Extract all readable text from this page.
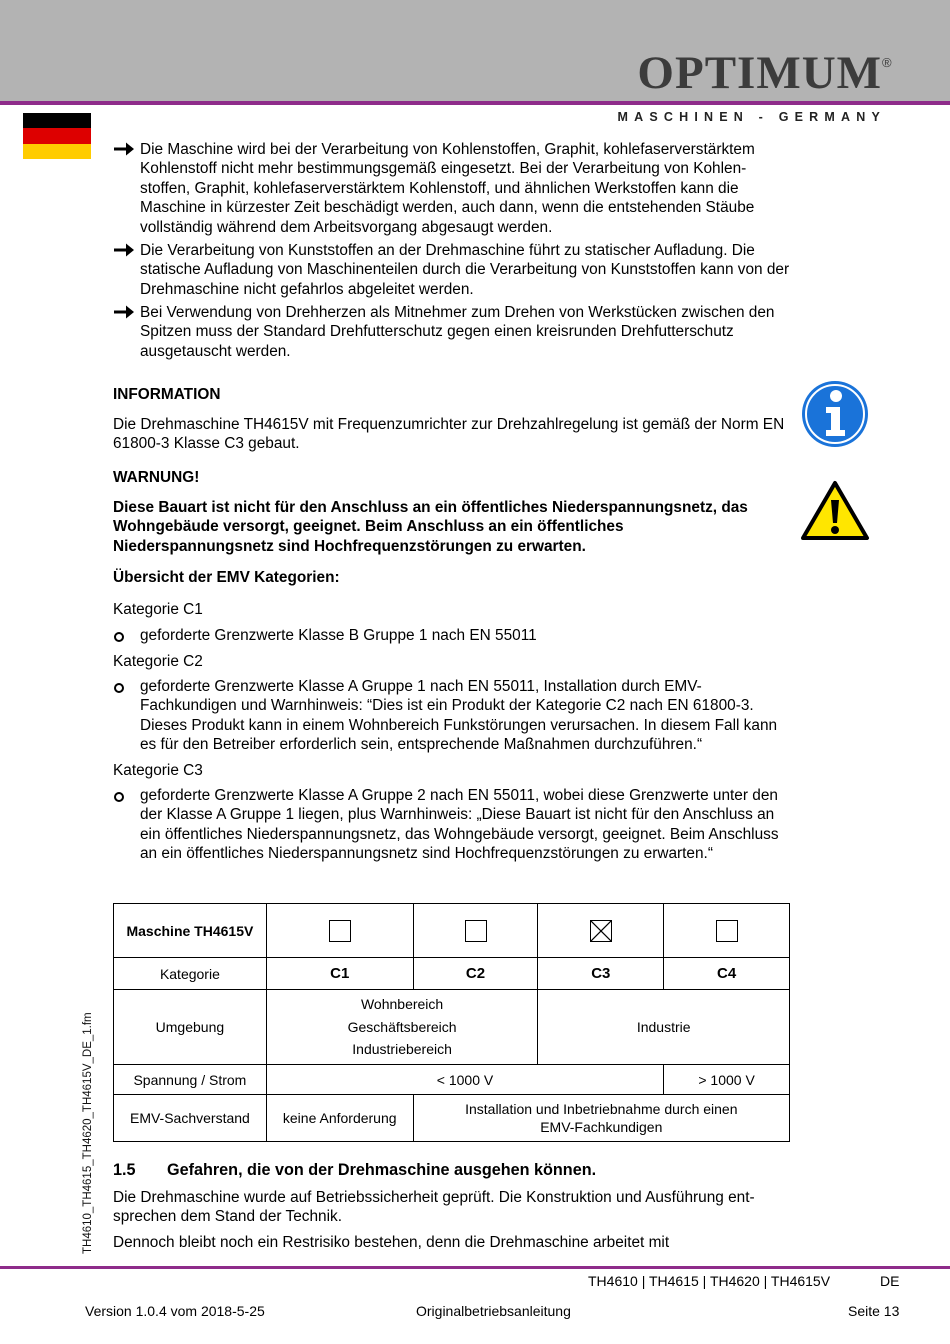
OPTIMUM ®
MASCHINEN - GERMANY
Die Maschine wird bei der Verarbeitung von Kohlenstoffen, Graphit, kohlefaserverstärktem Kohlenstoff nicht mehr bestimmungsgemäß eingesetzt. Bei der Verarbeitung von Kohlen-stoffen, Graphit, kohlefaserverstärktem Kohlenstoff, und ähnlichen Werkstoffen kann die Maschine in kürzester Zeit beschädigt werden, auch dann, wenn die entstehenden Stäube vollständig während dem Arbeitsvorgang abgesaugt werden.
Die Verarbeitung von Kunststoffen an der Drehmaschine führt zu statischer Aufladung. Die statische Aufladung von Maschinenteilen durch die Verarbeitung von Kunststoffen kann von der Drehmaschine nicht gefahrlos abgeleitet werden.
Bei Verwendung von Drehherzen als Mitnehmer zum Drehen von Werkstücken zwischen den Spitzen muss der Standard Drehfutterschutz gegen einen kreisrunden Drehfutterschutz ausgetauscht werden.
INFORMATION
Die Drehmaschine TH4615V mit Frequenzumrichter zur Drehzahlregelung ist gemäß der Norm EN 61800-3 Klasse C3 gebaut.
WARNUNG!
Diese Bauart ist nicht für den Anschluss an ein öffentliches Niederspannungsnetz, das Wohngebäude versorgt, geeignet. Beim Anschluss an ein öffentliches Niederspannungsnetz sind Hochfrequenzstörungen zu erwarten.
Übersicht der EMV Kategorien:
Kategorie C1
geforderte Grenzwerte Klasse B Gruppe 1 nach EN 55011
Kategorie C2
geforderte Grenzwerte Klasse A Gruppe 1 nach EN 55011, Installation durch EMV-Fachkundigen und Warnhinweis: “Dies ist ein Produkt der Kategorie C2 nach EN 61800-3. Dieses Produkt kann in einem Wohnbereich Funkstörungen verursachen. In diesem Fall kann es für den Betreiber erforderlich sein, entsprechende Maßnahmen durchzuführen.“
Kategorie C3
geforderte Grenzwerte Klasse A Gruppe 2 nach EN 55011, wobei diese Grenzwerte unter den der Klasse A Gruppe 1 liegen, plus Warnhinweis: „Diese Bauart ist nicht für den Anschluss an ein öffentliches Niederspannungsnetz, das Wohngebäude versorgt, geeignet. Beim Anschluss an ein öffentliches Niederspannungsnetz sind Hochfrequenzstörungen zu erwarten.“
Maschine TH4615V			

Kategorie	C1	C2	C3	C4
Umgebung	Wohnbereich
Geschäftsbereich
Industriebereich		Industrie	
Spannung / Strom	< 1000 V			> 1000 V
EMV-Sachverstand	keine Anforderung	Installation und Inbetriebnahme durch einen EMV-Fachkundigen		
1.5 Gefahren, die von der Drehmaschine ausgehen können.
Die Drehmaschine wurde auf Betriebssicherheit geprüft. Die Konstruktion und Ausführung ent-sprechen dem Stand der Technik.
Dennoch bleibt noch ein Restrisiko bestehen, denn die Drehmaschine arbeitet mit
TH4610_TH4615_TH4620_TH4615V_DE_1.fm
TH4610 | TH4615 | TH4620 | TH4615V	DE
Version 1.0.4 vom 2018-5-25	Originalbetriebsanleitung	Seite 13
